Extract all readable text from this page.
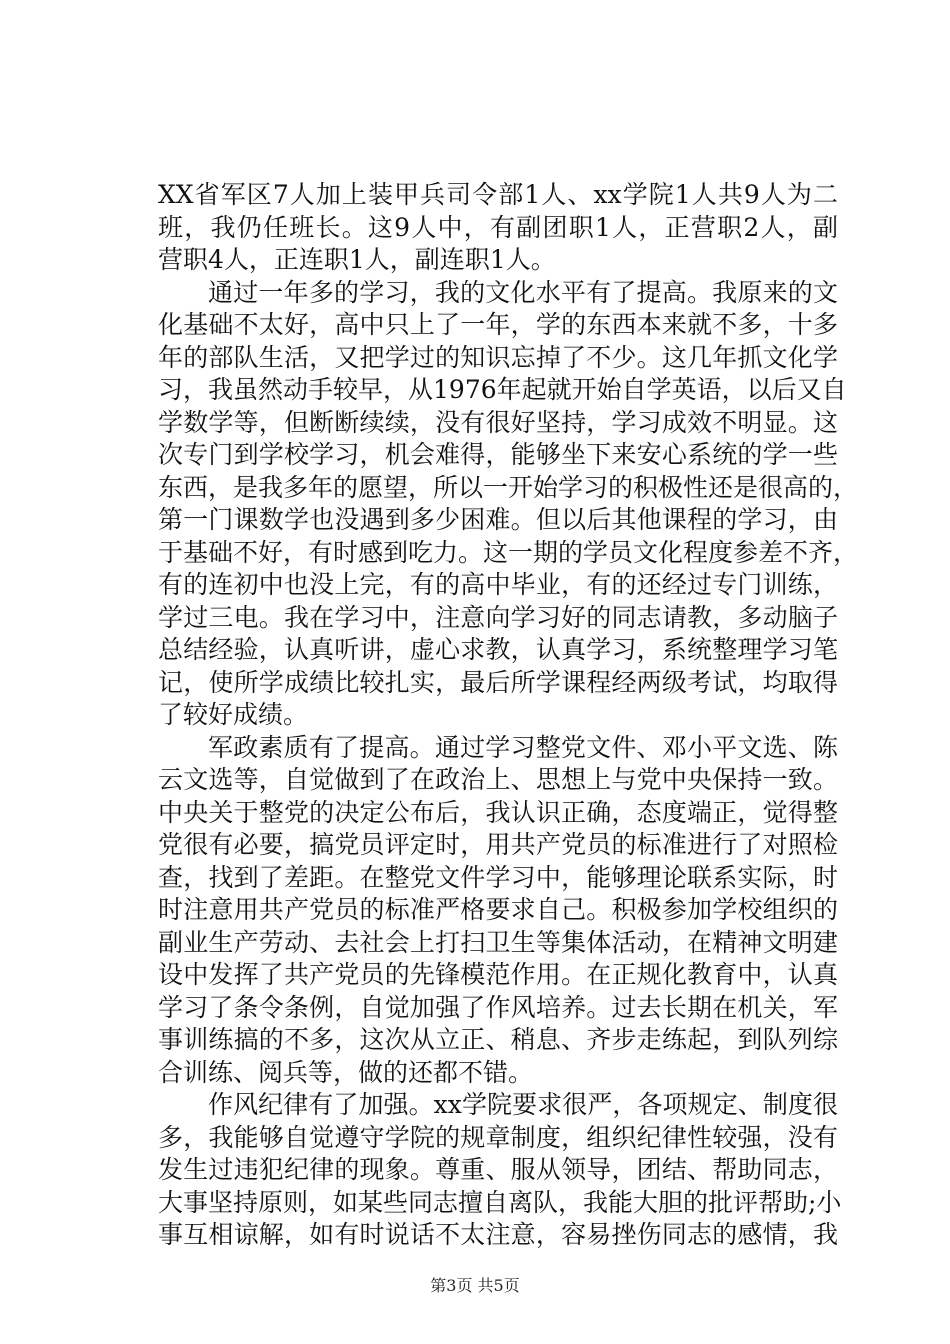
XX省军区7人加上装甲兵司令部1人、xx学院1人共9人为二
班，我仍任班长。这9人中，有副团职1人，正营职2人，副
营职4人，正连职1人，副连职1人。
通过一年多的学习，我的文化水平有了提高。我原来的文
化基础不太好，高中只上了一年，学的东西本来就不多，十多
年的部队生活，又把学过的知识忘掉了不少。这几年抓文化学
习，我虽然动手较早，从1976年起就开始自学英语，以后又自
学数学等，但断断续续，没有很好坚持，学习成效不明显。这
次专门到学校学习，机会难得，能够坐下来安心系统的学一些
东西，是我多年的愿望，所以一开始学习的积极性还是很高的，
第一门课数学也没遇到多少困难。但以后其他课程的学习，由
于基础不好，有时感到吃力。这一期的学员文化程度参差不齐，
有的连初中也没上完，有的高中毕业，有的还经过专门训练，
学过三电。我在学习中，注意向学习好的同志请教，多动脑子
总结经验，认真听讲，虚心求教，认真学习，系统整理学习笔
记，使所学成绩比较扎实，最后所学课程经两级考试，均取得
了较好成绩。
军政素质有了提高。通过学习整党文件、邓小平文选、陈
云文选等，自觉做到了在政治上、思想上与党中央保持一致。
中央关于整党的决定公布后，我认识正确，态度端正，觉得整
党很有必要，搞党员评定时，用共产党员的标准进行了对照检
查，找到了差距。在整党文件学习中，能够理论联系实际，时
时注意用共产党员的标准严格要求自己。积极参加学校组织的
副业生产劳动、去社会上打扫卫生等集体活动，在精神文明建
设中发挥了共产党员的先锋模范作用。在正规化教育中，认真
学习了条令条例，自觉加强了作风培养。过去长期在机关，军
事训练搞的不多，这次从立正、稍息、齐步走练起，到队列综
合训练、阅兵等，做的还都不错。
作风纪律有了加强。xx学院要求很严，各项规定、制度很
多，我能够自觉遵守学院的规章制度，组织纪律性较强，没有
发生过违犯纪律的现象。尊重、服从领导，团结、帮助同志，
大事坚持原则，如某些同志擅自离队，我能大胆的批评帮助;小
事互相谅解，如有时说话不太注意，容易挫伤同志的感情，我
第3页 共5页
